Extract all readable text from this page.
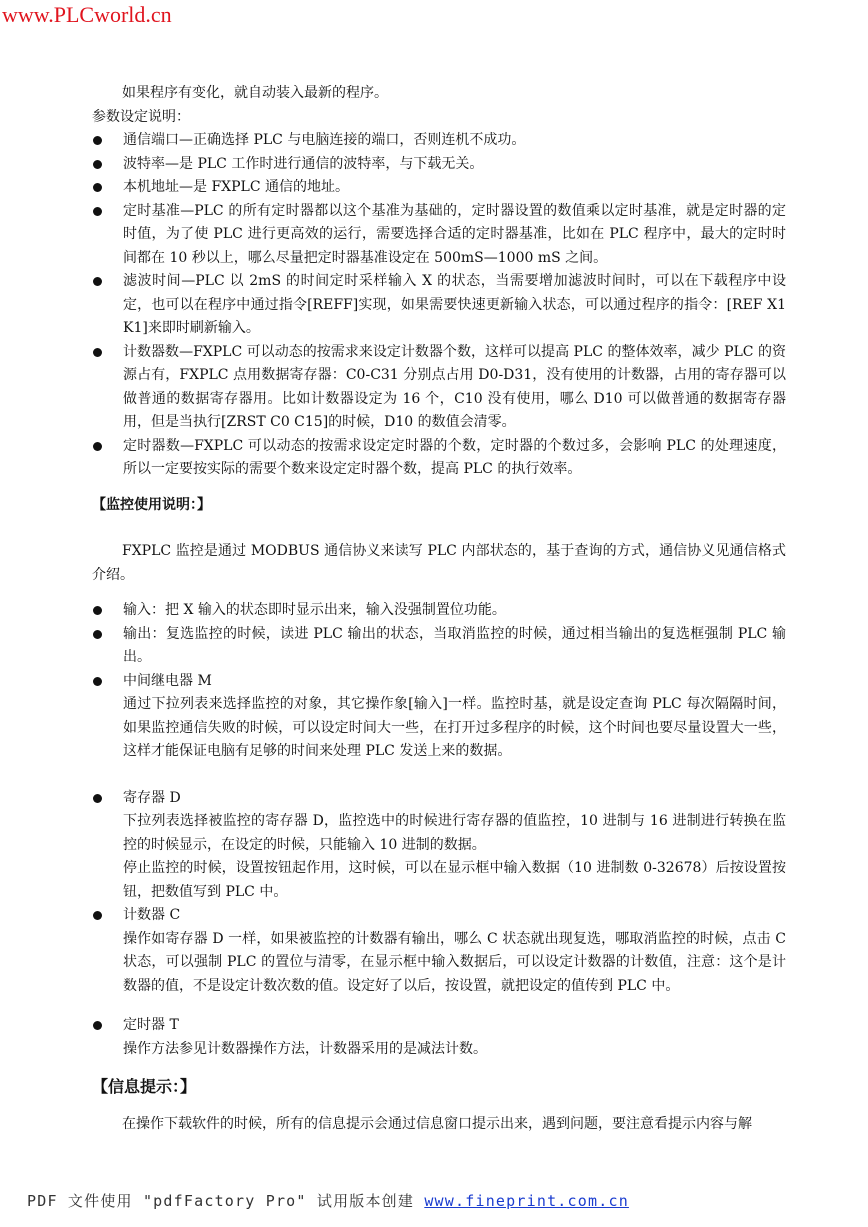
www.PLCworld.cn

如果程序有变化，就自动装入最新的程序。

参数设定说明：

通信端口—正确选择 PLC 与电脑连接的端口，否则连机不成功。

波特率—是 PLC 工作时进行通信的波特率，与下载无关。

本机地址—是 FXPLC 通信的地址。

定时基准—PLC 的所有定时器都以这个基准为基础的，定时器设置的数值乘以定时基准，就是定时器的定时值，为了使 PLC 进行更高效的运行，需要选择合适的定时器基准，比如在 PLC 程序中，最大的定时时间都在 10 秒以上，哪么尽量把定时器基准设定在 500mS—1000 mS 之间。

滤波时间—PLC 以 2mS 的时间定时采样输入 X 的状态，当需要增加滤波时间时，可以在下载程序中设定，也可以在程序中通过指令[REFF]实现，如果需要快速更新输入状态，可以通过程序的指令：[REF X1 K1]来即时刷新输入。

计数器数—FXPLC 可以动态的按需求来设定计数器个数，这样可以提高 PLC 的整体效率，减少 PLC 的资源占有，FXPLC 点用数据寄存器：C0-C31 分别点占用 D0-D31，没有使用的计数器，占用的寄存器可以做普通的数据寄存器用。比如计数器设定为 16 个，C10 没有使用，哪么 D10 可以做普通的数据寄存器用，但是当执行[ZRST C0 C15]的时候，D10 的数值会清零。

定时器数—FXPLC 可以动态的按需求设定定时器的个数，定时器的个数过多，会影响 PLC 的处理速度，所以一定要按实际的需要个数来设定定时器个数，提高 PLC 的执行效率。

【监控使用说明：】

FXPLC 监控是通过 MODBUS 通信协义来读写 PLC 内部状态的，基于查询的方式，通信协义见通信格式介绍。

输入：把 X 输入的状态即时显示出来，输入没强制置位功能。

输出：复选监控的时候，读进 PLC 输出的状态，当取消监控的时候，通过相当输出的复选框强制 PLC 输出。

中间继电器 M

通过下拉列表来选择监控的对象，其它操作象[输入]一样。监控时基，就是设定查询 PLC 每次隔隔时间，如果监控通信失败的时候，可以设定时间大一些，在打开过多程序的时候，这个时间也要尽量设置大一些，这样才能保证电脑有足够的时间来处理 PLC 发送上来的数据。

寄存器 D

下拉列表选择被监控的寄存器 D，监控选中的时候进行寄存器的值监控，10 进制与 16 进制进行转换在监控的时候显示，在设定的时候，只能输入 10 进制的数据。

停止监控的时候，设置按钮起作用，这时候，可以在显示框中输入数据（10 进制数 0-32678）后按设置按钮，把数值写到 PLC 中。

计数器 C

操作如寄存器 D 一样，如果被监控的计数器有输出，哪么 C 状态就出现复选，哪取消监控的时候，点击 C 状态，可以强制 PLC 的置位与清零，在显示框中输入数据后，可以设定计数器的计数值，注意：这个是计数器的值，不是设定计数次数的值。设定好了以后，按设置，就把设定的值传到 PLC 中。

定时器 T

操作方法参见计数器操作方法，计数器采用的是减法计数。

【信息提示：】

在操作下载软件的时候，所有的信息提示会通过信息窗口提示出来，遇到问题，要注意看提示内容与解

PDF 文件使用 "pdfFactory Pro" 试用版本创建 www.fineprint.com.cn
